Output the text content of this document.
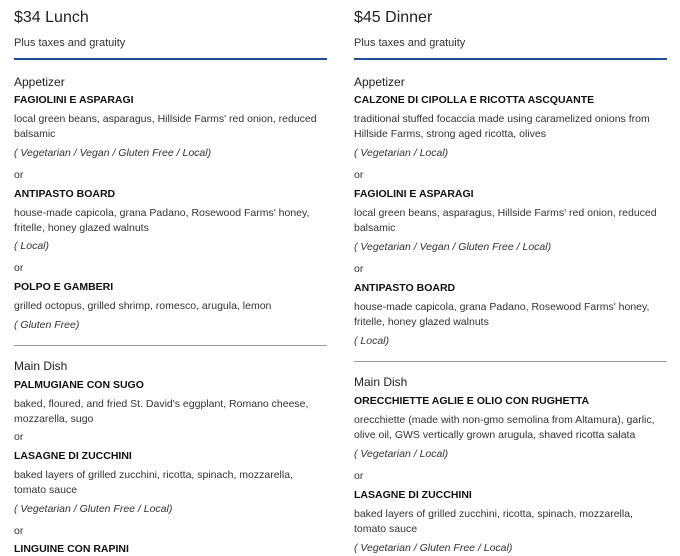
$34 Lunch
Plus taxes and gratuity
Appetizer
FAGIOLINI E ASPARAGI
local green beans, asparagus, Hillside Farms' red onion, reduced balsamic
( Vegetarian / Vegan / Gluten Free / Local)
or
ANTIPASTO BOARD
house-made capicola, grana Padano, Rosewood Farms' honey, fritelle, honey glazed walnuts
( Local)
or
POLPO E GAMBERI
grilled octopus, grilled shrimp, romesco, arugula, lemon
( Gluten Free)
Main Dish
PALMUGIANE CON SUGO
baked, floured, and fried St. David's eggplant, Romano cheese, mozzarella, sugo
or
LASAGNE DI ZUCCHINI
baked layers of grilled zucchini, ricotta, spinach, mozzarella, tomato sauce
( Vegetarian / Gluten Free / Local)
or
LINGUINE CON RAPINI
$45 Dinner
Plus taxes and gratuity
Appetizer
CALZONE DI CIPOLLA E RICOTTA ASCQUANTE
traditional stuffed focaccia made using caramelized onions from Hillside Farms, strong aged ricotta, olives
( Vegetarian / Local)
or
FAGIOLINI E ASPARAGI
local green beans, asparagus, Hillside Farms' red onion, reduced balsamic
( Vegetarian / Vegan / Gluten Free / Local)
or
ANTIPASTO BOARD
house-made capicola, grana Padano, Rosewood Farms' honey, fritelle, honey glazed walnuts
( Local)
Main Dish
ORECCHIETTE AGLIE E OLIO CON RUGHETTA
orecchiette (made with non-gmo semolina from Altamura), garlic, olive oil, GWS vertically grown arugula, shaved ricotta salata
( Vegetarian / Local)
or
LASAGNE DI ZUCCHINI
baked layers of grilled zucchini, ricotta, spinach, mozzarella, tomato sauce
( Vegetarian / Gluten Free / Local)
